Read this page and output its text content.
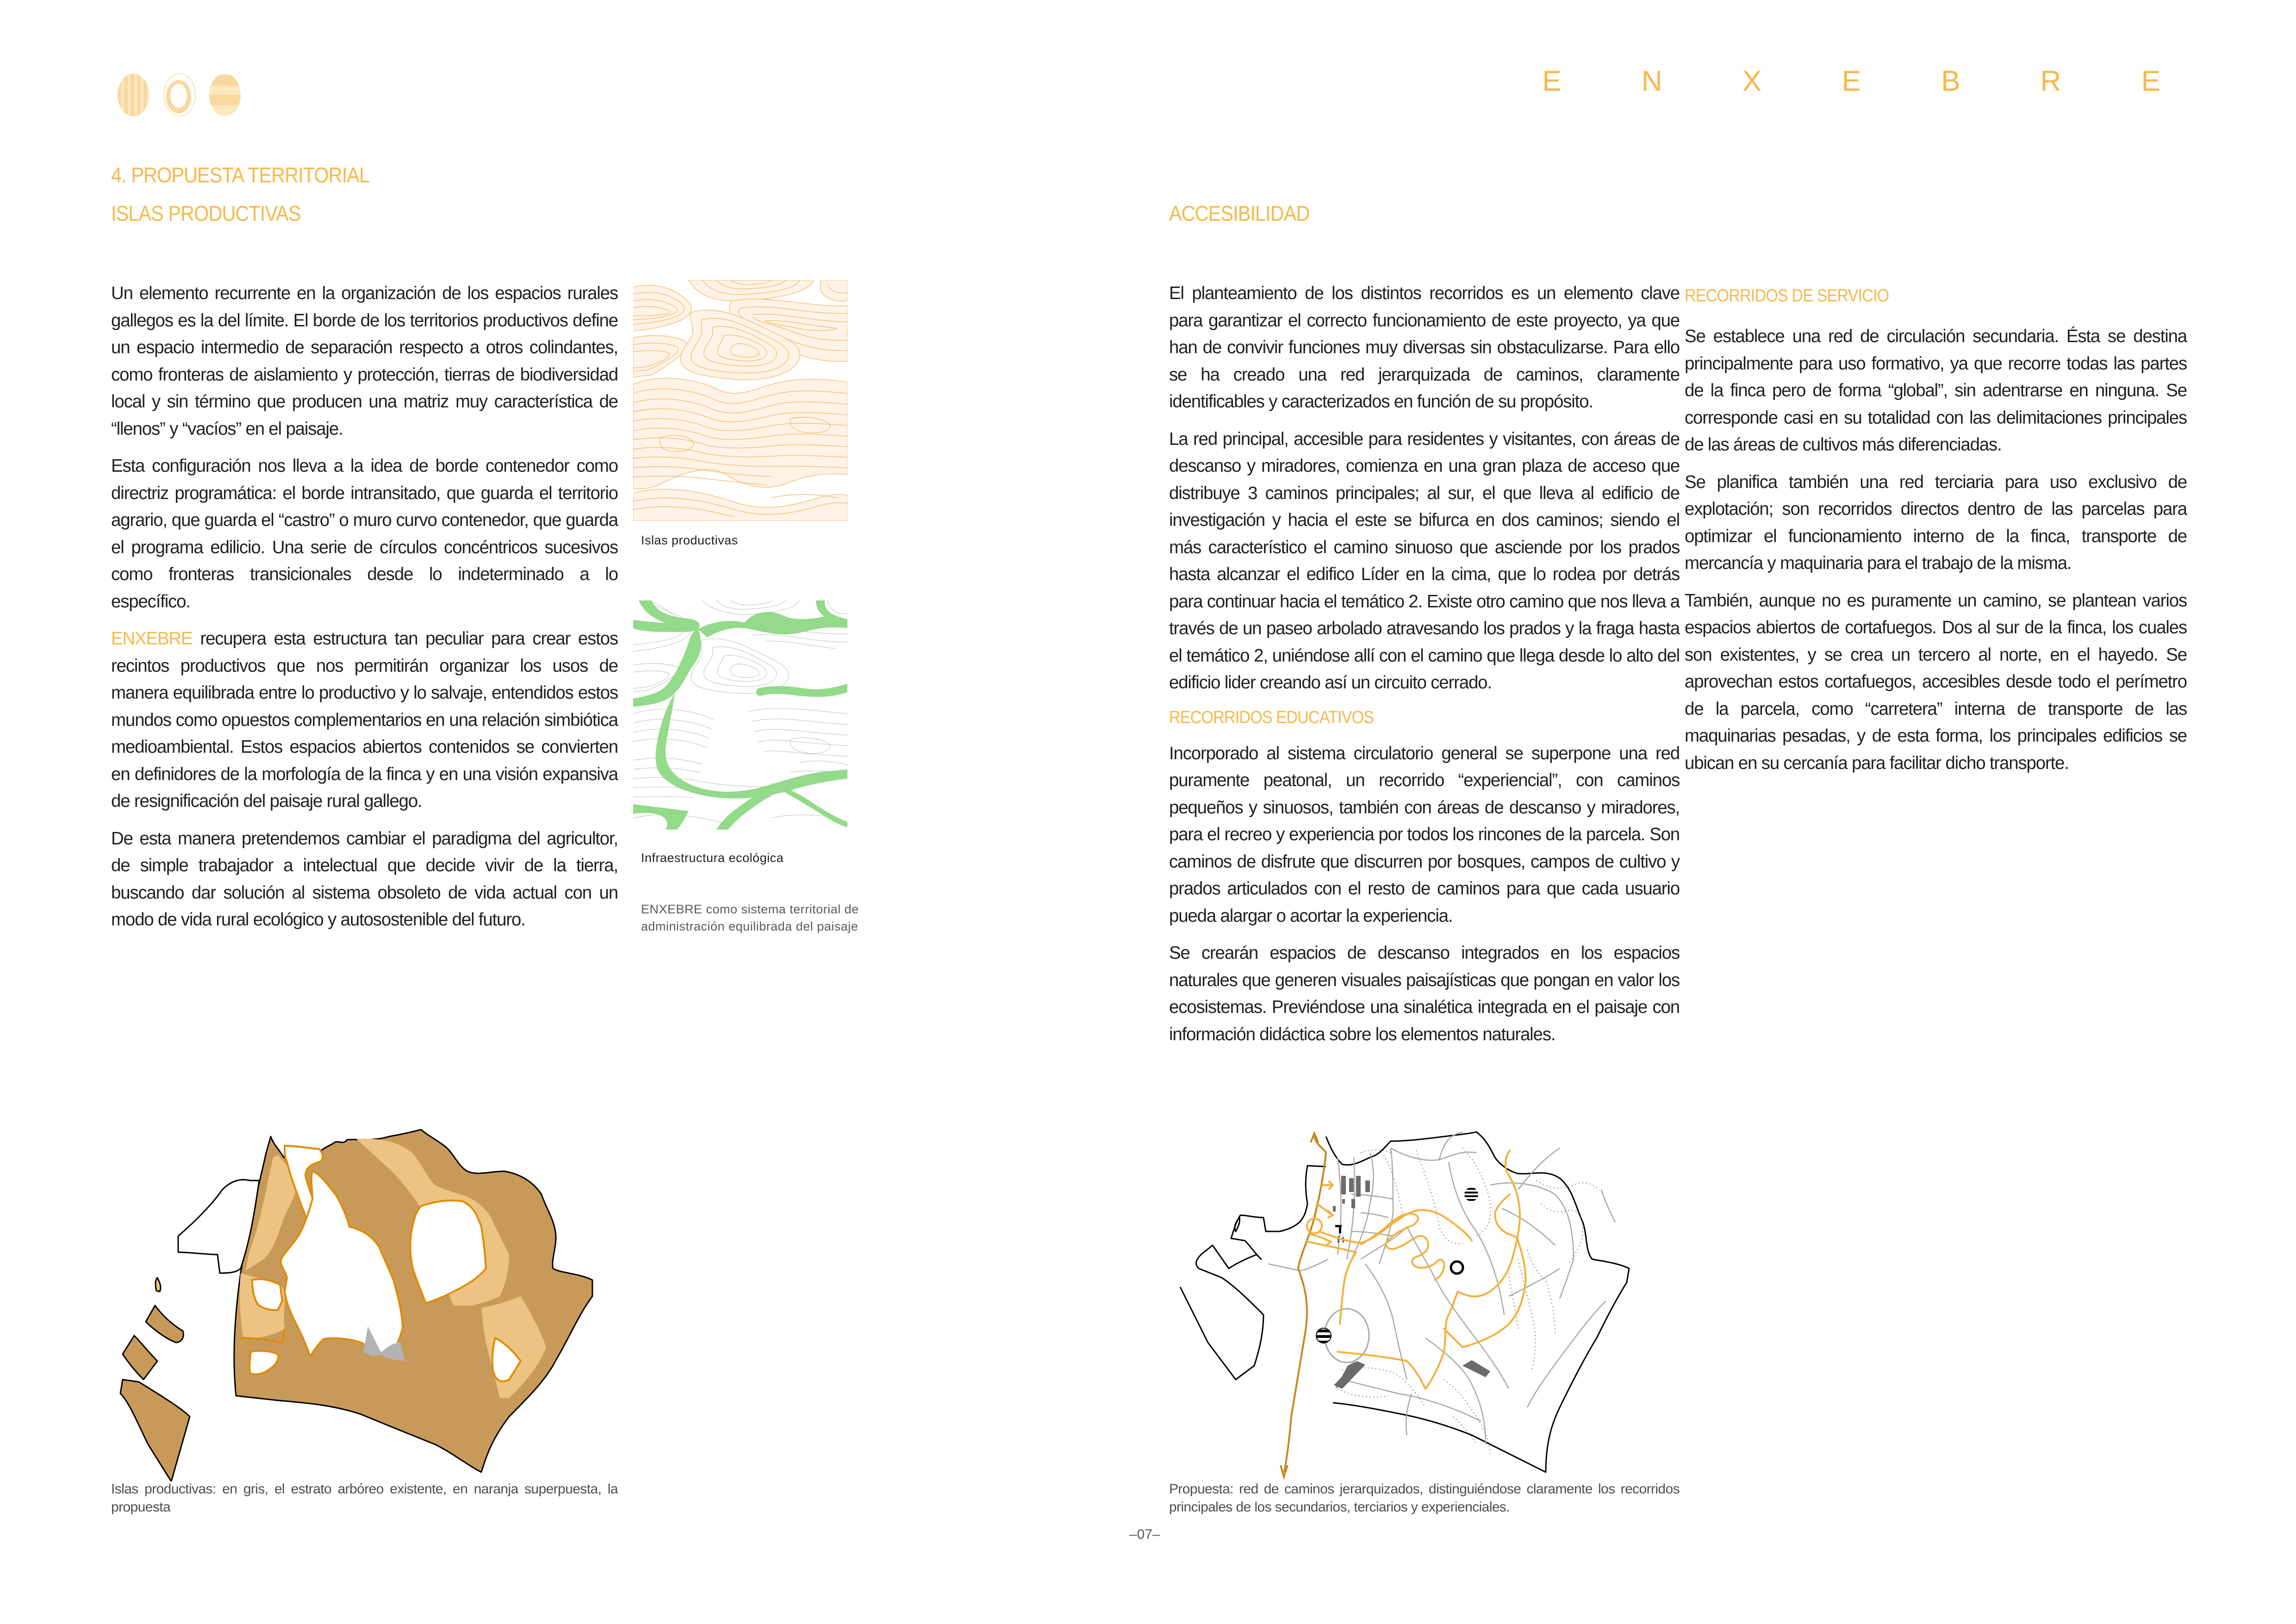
E N X E B R E
4. PROPUESTA TERRITORIAL
ISLAS PRODUCTIVAS

Un elemento recurrente en la organización de los espacios rurales gallegos es la del límite. El borde de los territorios productivos define un espacio intermedio de separación respecto a otros colindantes, como fronteras de aislamiento y protección, tierras de biodiversidad local y sin término que producen una matriz muy característica de “llenos” y “vacíos” en el paisaje.

Esta configuración nos lleva a la idea de borde contenedor como directriz programática: el borde intransitado, que guarda el territorio agrario, que guarda el “castro” o muro curvo contenedor, que guarda el programa edilicio. Una serie de círculos concéntricos sucesivos como fronteras transicionales desde lo indeterminado a lo específico.

ENXEBRE recupera esta estructura tan peculiar para crear estos recintos productivos que nos permitirán organizar los usos de manera equilibrada entre lo productivo y lo salvaje, entendidos estos mundos como opuestos complementarios en una relación simbiótica medioambiental. Estos espacios abiertos contenidos se convierten en definidores de la morfología de la finca y en una visión expansiva de resignificación del paisaje rural gallego.

De esta manera pretendemos cambiar el paradigma del agricultor, de simple trabajador a intelectual que decide vivir de la tierra, buscando dar solución al sistema obsoleto de vida actual con un modo de vida rural ecológico y autosostenible del futuro.

Islas productivas
Infraestructura ecológica
ENXEBRE como sistema territorial de administración equilibrada del paisaje
Islas productivas: en gris, el estrato arbóreo existente, en naranja superpuesta, la propuesta
ACCESIBILIDAD

El planteamiento de los distintos recorridos es un elemento clave para garantizar el correcto funcionamiento de este proyecto, ya que han de convivir funciones muy diversas sin obstaculizarse. Para ello se ha creado una red jerarquizada de caminos, claramente identificables y caracterizados en función de su propósito.

La red principal, accesible para residentes y visitantes, con áreas de descanso y miradores, comienza en una gran plaza de acceso que distribuye 3 caminos principales; al sur, el que lleva al edificio de investigación y hacia el este se bifurca en dos caminos; siendo el más característico el camino sinuoso que asciende por los prados hasta alcanzar el edifico Líder en la cima, que lo rodea por detrás para continuar hacia el temático 2. Existe otro camino que nos lleva a través de un paseo arbolado atravesando los prados y la fraga hasta el temático 2, uniéndose allí con el camino que llega desde lo alto del edificio lider creando así un circuito cerrado.

RECORRIDOS EDUCATIVOS

Incorporado al sistema circulatorio general se superpone una red puramente peatonal, un recorrido “experiencial”, con caminos pequeños y sinuosos, también con áreas de descanso y miradores, para el recreo y experiencia por todos los rincones de la parcela. Son caminos de disfrute que discurren por bosques, campos de cultivo y prados articulados con el resto de caminos para que cada usuario pueda alargar o acortar la experiencia.

Se crearán espacios de descanso integrados en los espacios naturales que generen visuales paisajísticas que pongan en valor los ecosistemas. Previéndose una sinalética integrada en el paisaje con información didáctica sobre los elementos naturales.

RECORRIDOS DE SERVICIO

Se establece una red de circulación secundaria. Ésta se destina principalmente para uso formativo, ya que recorre todas las partes de la finca pero de forma “global”, sin adentrarse en ninguna. Se corresponde casi en su totalidad con las delimitaciones principales de las áreas de cultivos más diferenciadas.

Se planifica también una red terciaria para uso exclusivo de explotación; son recorridos directos dentro de las parcelas para optimizar el funcionamiento interno de la finca, transporte de mercancía y maquinaria para el trabajo de la misma.

También, aunque no es puramente un camino, se plantean varios espacios abiertos de cortafuegos. Dos al sur de la finca, los cuales son existentes, y se crea un tercero al norte, en el hayedo. Se aprovechan estos cortafuegos, accesibles desde todo el perímetro de la parcela, como “carretera” interna de transporte de las maquinarias pesadas, y de esta forma, los principales edificios se ubican en su cercanía para facilitar dicho transporte.

Propuesta: red de caminos jerarquizados, distinguiéndose claramente los recorridos principales de los secundarios, terciarios y experienciales.
–07–
